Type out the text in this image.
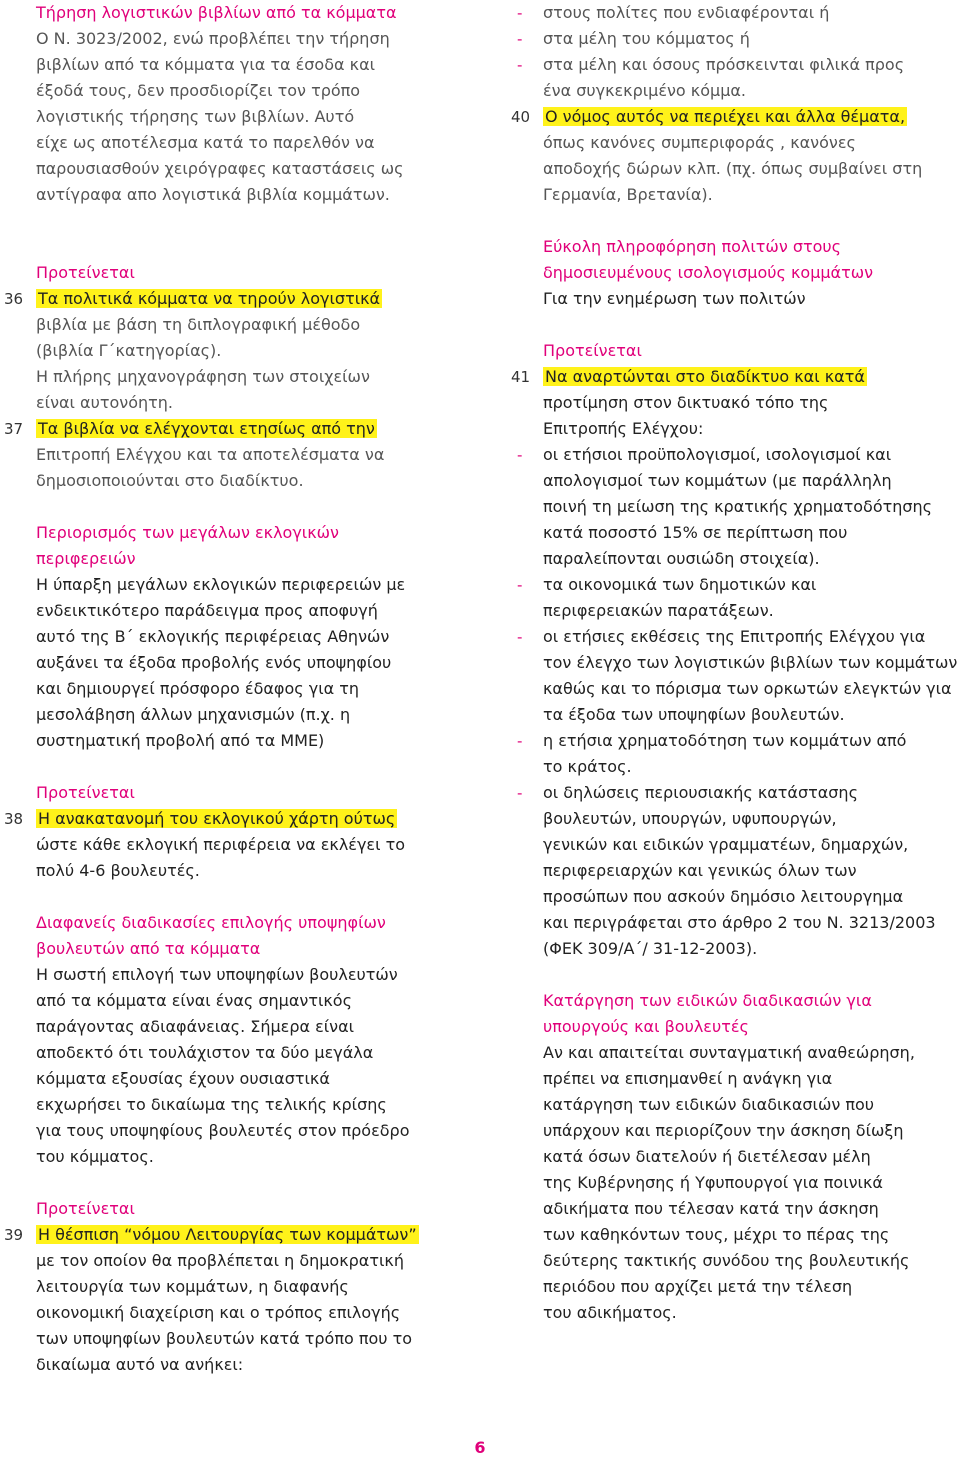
Τήρηση λογιστικών βιβλίων από τα κόμματα
Ο Ν. 3023/2002, ενώ προβλέπει την τήρηση
βιβλίων από τα κόμματα για τα έσοδα και
έξοδά τους, δεν προσδιορίζει τον τρόπο
λογιστικής τήρησης των βιβλίων. Αυτό
είχε ως αποτέλεσμα κατά το παρελθόν να
παρουσιασθούν χειρόγραφες καταστάσεις ως
αντίγραφα απο λογιστικά βιβλία κομμάτων.
Προτείνεται
36 Τα πολιτικά κόμματα να τηρούν λογιστικά
βιβλία με βάση τη διπλογραφική μέθοδο
(βιβλία Γ΄κατηγορίας).
Η πλήρης μηχανογράφηση των στοιχείων
είναι αυτονόητη.
37 Τα βιβλία να ελέγχονται ετησίως από την
Επιτροπή Ελέγχου και τα αποτελέσματα να
δημοσιοποιούνται στο διαδίκτυο.
Περιορισμός των μεγάλων εκλογικών
περιφερειών
Η ύπαρξη μεγάλων εκλογικών περιφερειών με
ενδεικτικότερο παράδειγμα προς αποφυγή
αυτό της Β΄ εκλογικής περιφέρειας Αθηνών
αυξάνει τα έξοδα προβολής ενός υποψηφίου
και δημιουργεί πρόσφορο έδαφος για τη
μεσολάβηση άλλων μηχανισμών (π.χ. η
συστηματική προβολή από τα ΜΜΕ)
Προτείνεται
38 Η ανακατανομή του εκλογικού χάρτη ούτως
ώστε κάθε εκλογική περιφέρεια να εκλέγει το
πολύ 4-6 βουλευτές.
Διαφανείς διαδικασίες επιλογής υποψηφίων
βουλευτών από τα κόμματα
Η σωστή επιλογή των υποψηφίων βουλευτών
από τα κόμματα είναι ένας σημαντικός
παράγοντας αδιαφάνειας. Σήμερα είναι
αποδεκτό ότι τουλάχιστον τα δύο μεγάλα
κόμματα εξουσίας έχουν ουσιαστικά
εκχωρήσει το δικαίωμα της τελικής κρίσης
για τους υποψηφίους βουλευτές στον πρόεδρο
του κόμματος.
Προτείνεται
39 Η θέσπιση “νόμου Λειτουργίας των κομμάτων”
με τον οποίον θα προβλέπεται η δημοκρατική
λειτουργία των κομμάτων, η διαφανής
οικονομική διαχείριση και ο τρόπος επιλογής
των υποψηφίων βουλευτών κατά τρόπο που το
δικαίωμα αυτό να ανήκει:
- στους πολίτες που ενδιαφέρονται ή
- στα μέλη του κόμματος ή
- στα μέλη και όσους πρόσκειvται φιλικά προς
ένα συγκεκριμένο κόμμα.
40 Ο νόμος αυτός να περιέχει και άλλα θέματα,
όπως κανόνες συμπεριφοράς , κανόνες
αποδοχής δώρων κλπ. (πχ. όπως συμβαίνει στη
Γερμανία, Βρετανία).
Εύκολη πληροφόρηση πολιτών στους
δημοσιευμένους ισολογισμούς κομμάτων
Για την ενημέρωση των πολιτών
Προτείνεται
41 Να αναρτώνται στο διαδίκτυο και κατά
προτίμηση στον δικτυακό τόπο της
Επιτροπής Ελέγχου:
- οι ετήσιοι προϋπολογισμοί, ισολογισμοί και
απολογισμοί των κομμάτων (με παράλληλη
ποινή τη μείωση της κρατικής χρηματοδότησης
κατά ποσοστό 15% σε περίπτωση που
παραλείπονται ουσιώδη στοιχεία).
- τα οικονομικά των δημοτικών και
περιφερειακών παρατάξεων.
- οι ετήσιες εκθέσεις της Επιτροπής Ελέγχου για
τον έλεγχο των λογιστικών βιβλίων των κομμάτων
καθώς και το πόρισμα των ορκωτών ελεγκτών για
τα έξοδα των υποψηφίων βουλευτών.
- η ετήσια χρηματοδότηση των κομμάτων από
το κράτος.
- οι δηλώσεις περιουσιακής κατάστασης
βουλευτών, υπουργών, υφυπουργών,
γενικών και ειδικών γραμματέων, δημαρχών,
περιφερειαρχών και γενικώς όλων των
προσώπων που ασκούν δημόσιο λειτουργημα
και περιγράφεται στο άρθρο 2 του Ν. 3213/2003
(ΦΕΚ 309/Α΄/ 31-12-2003).
Κατάργηση των ειδικών διαδικασιών για
υπουργούς και βουλευτές
Αν και απαιτείται συνταγματική αναθεώρηση,
πρέπει να επισημανθεί η ανάγκη για
κατάργηση των ειδικών διαδικασιών που
υπάρχουν και περιορίζουν την άσκηση δίωξη
κατά όσων διατελούν ή διετέλεσαν μέλη
της Κυβέρνησης ή Υφυπουργοί για ποινικά
αδικήματα που τέλεσαν κατά την άσκηση
των καθηκόντων τους, μέχρι το πέρας της
δεύτερης τακτικής συνόδου της βουλευτικής
περιόδου που αρχίζει μετά την τέλεση
του αδικήματος.
6
